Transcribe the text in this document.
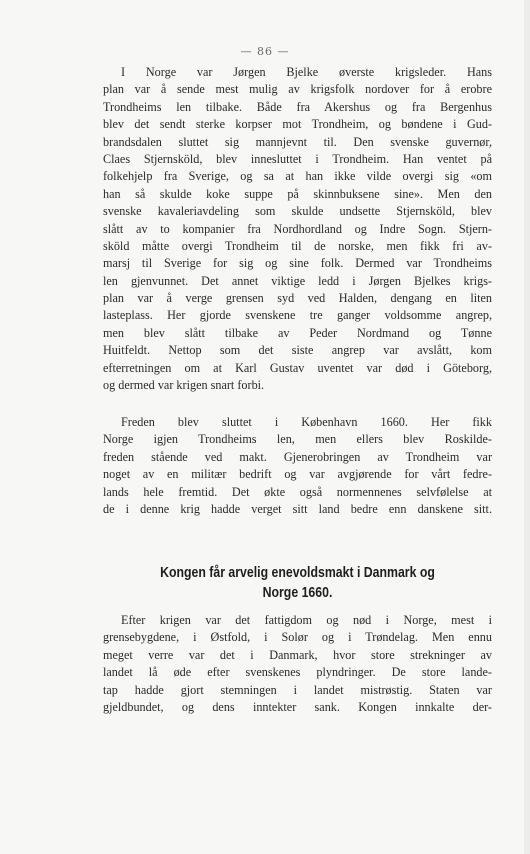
— 86 —
I Norge var Jørgen Bjelke øverste krigsleder. Hans
plan var å sende mest mulig av krigsfolk nordover for å erobre
Trondheims len tilbake. Både fra Akershus og fra Bergenhus
blev det sendt sterke korpser mot Trondheim, og bøndene i Gud-
brandsdalen sluttet sig mannjevnt til. Den svenske guvernør,
Claes Stjernsköld, blev innesluttet i Trondheim. Han ventet på
folkehjelp fra Sverige, og sa at han ikke vilde overgi sig «om
han så skulde koke suppe på skinnbuksene sine». Men den
svenske kavaleriavdeling som skulde undsette Stjernsköld, blev
slått av to kompanier fra Nordhordland og Indre Sogn. Stjern-
sköld måtte overgi Trondheim til de norske, men fikk fri av-
marsj til Sverige for sig og sine folk. Dermed var Trondheims
len gjenvunnet. Det annet viktige ledd i Jørgen Bjelkes krigs-
plan var å verge grensen syd ved Halden, dengang en liten
lasteplass. Her gjorde svenskene tre ganger voldsomme angrep,
men blev slått tilbake av Peder Nordmand og Tønne
Huitfeldt. Nettop som det siste angrep var avslått, kom
efterretningen om at Karl Gustav uventet var død i Göteborg,
og dermed var krigen snart forbi.
Freden blev sluttet i København 1660. Her fikk
Norge igjen Trondheims len, men ellers blev Roskilde-
freden stående ved makt. Gjenerobringen av Trondheim var
noget av en militær bedrift og var avgjørende for vårt fedre-
lands hele fremtid. Det økte også normennenes selvfølelse at
de i denne krig hadde verget sitt land bedre enn danskene sitt.
Kongen får arvelig enevoldsmakt i Danmark og
Norge 1660.
Efter krigen var det fattigdom og nød i Norge, mest i
grensebygdene, i Østfold, i Solør og i Trøndelag. Men ennu
meget verre var det i Danmark, hvor store strekninger av
landet lå øde efter svenskenes plyndringer. De store lande-
tap hadde gjort stemningen i landet mistrøstig. Staten var
gjeldbundet, og dens inntekter sank. Kongen innkalte der-
